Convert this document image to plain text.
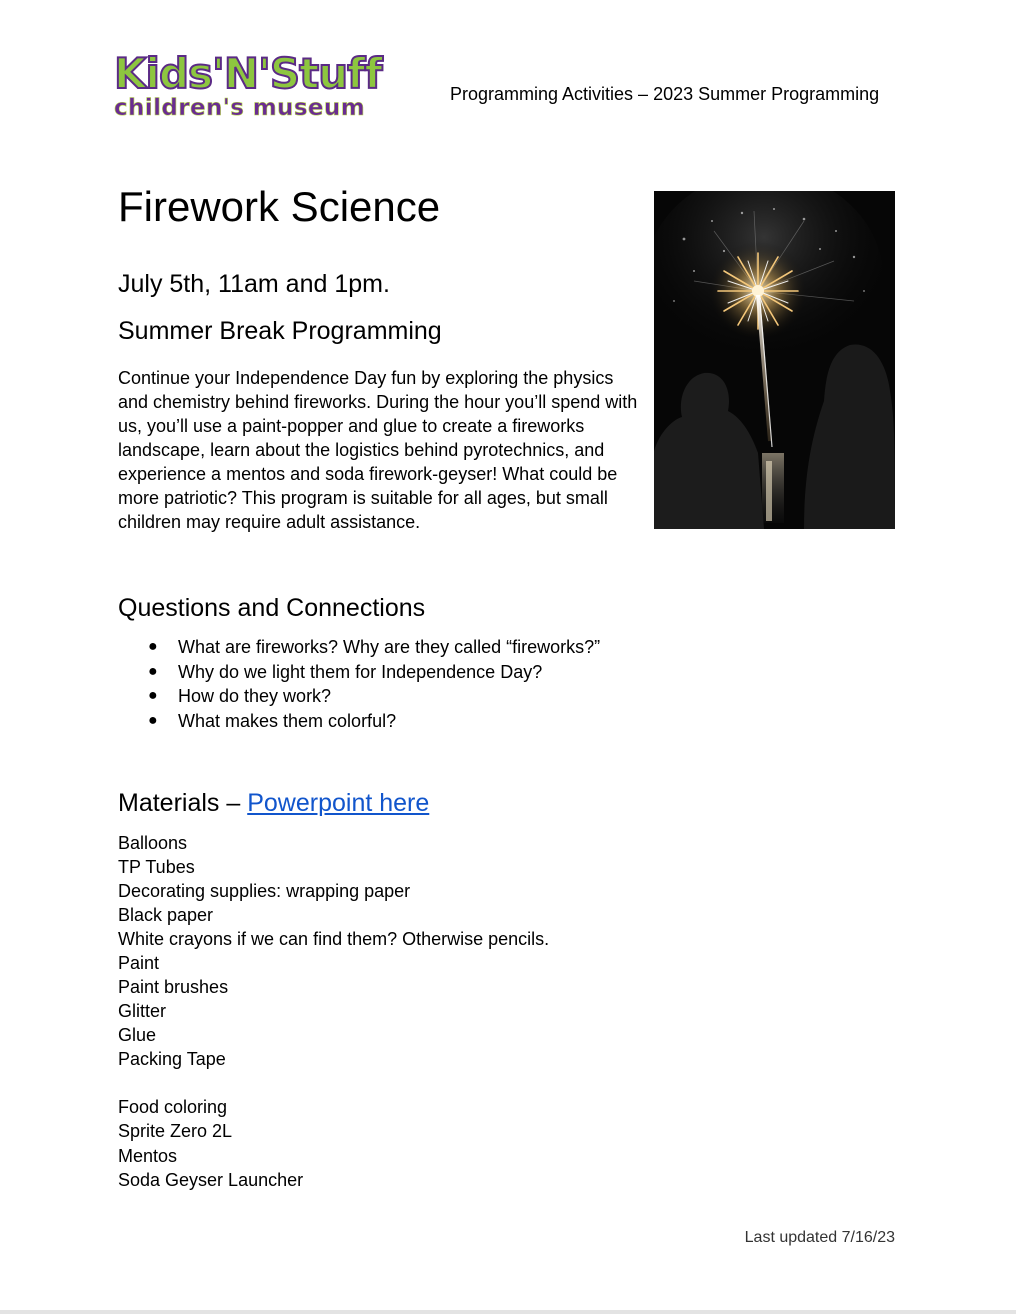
Kids'N'Stuff
children's museum
Programming Activities – 2023 Summer Programming
Firework Science
July 5th, 11am and 1pm.
Summer Break Programming

Continue your Independence Day fun by exploring the physics and chemistry behind fireworks. During the hour you’ll spend with us, you’ll use a paint-popper and glue to create a fireworks landscape, learn about the logistics behind pyrotechnics, and experience a mentos and soda firework-geyser! What could be more patriotic? This program is suitable for all ages, but small children may require adult assistance.

Questions and Connections
● What are fireworks? Why are they called “fireworks?”
● Why do we light them for Independence Day?
● How do they work?
● What makes them colorful?
Materials – Powerpoint here
Balloons
TP Tubes
Decorating supplies: wrapping paper
Black paper
White crayons if we can find them? Otherwise pencils.
Paint
Paint brushes
Glitter
Glue
Packing Tape
Food coloring
Sprite Zero 2L
Mentos
Soda Geyser Launcher
Last updated 7/16/23
